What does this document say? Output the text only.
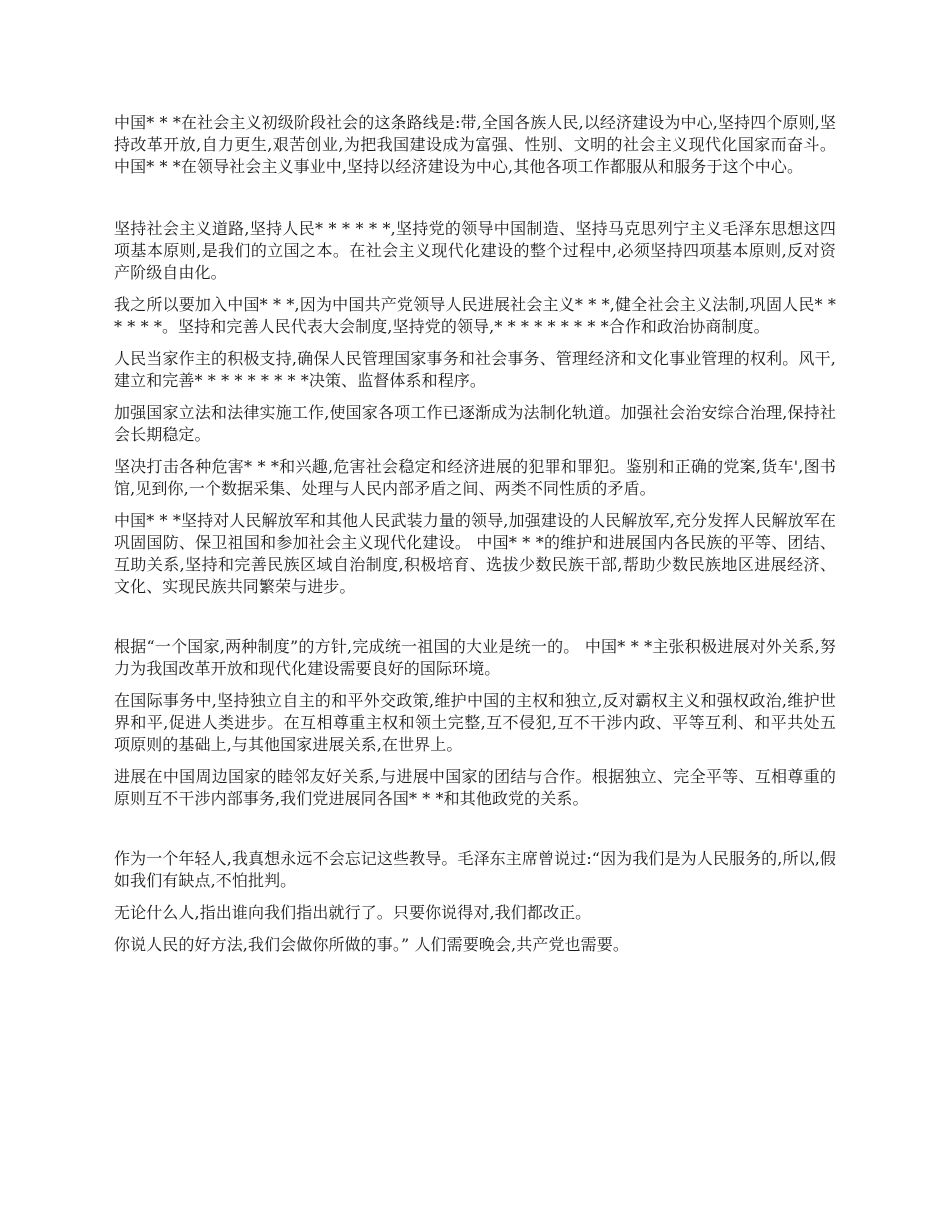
中国* * *在社会主义初级阶段社会的这条路线是:带,全国各族人民,以经济建设为中心,坚持四个原则,坚持改革开放,自力更生,艰苦创业,为把我国建设成为富强、性别、文明的社会主义现代化国家而奋斗。中国* * *在领导社会主义事业中,坚持以经济建设为中心,其他各项工作都服从和服务于这个中心。

坚持社会主义道路,坚持人民* * * * * *,坚持党的领导中国制造、坚持马克思列宁主义毛泽东思想这四项基本原则,是我们的立国之本。在社会主义现代化建设的整个过程中,必须坚持四项基本原则,反对资产阶级自由化。

我之所以要加入中国* * *,因为中国共产党领导人民进展社会主义* * *,健全社会主义法制,巩固人民* * * * * *。坚持和完善人民代表大会制度,坚持党的领导,* * * * * * * * *合作和政治协商制度。

人民当家作主的积极支持,确保人民管理国家事务和社会事务、管理经济和文化事业管理的权利。风干,建立和完善* * * * * * * * *决策、监督体系和程序。

加强国家立法和法律实施工作,使国家各项工作已逐渐成为法制化轨道。加强社会治安综合治理,保持社会长期稳定。

坚决打击各种危害* * *和兴趣,危害社会稳定和经济进展的犯罪和罪犯。鉴别和正确的党案,货车',图书馆,见到你,一个数据采集、处理与人民内部矛盾之间、两类不同性质的矛盾。

中国* * *坚持对人民解放军和其他人民武装力量的领导,加强建设的人民解放军,充分发挥人民解放军在巩固国防、保卫祖国和参加社会主义现代化建设。 中国* * *的维护和进展国内各民族的平等、团结、互助关系,坚持和完善民族区域自治制度,积极培育、选拔少数民族干部,帮助少数民族地区进展经济、文化、实现民族共同繁荣与进步。

根据“一个国家,两种制度”的方针,完成统一祖国的大业是统一的。 中国* * *主张积极进展对外关系,努力为我国改革开放和现代化建设需要良好的国际环境。

在国际事务中,坚持独立自主的和平外交政策,维护中国的主权和独立,反对霸权主义和强权政治,维护世界和平,促进人类进步。在互相尊重主权和领土完整,互不侵犯,互不干涉内政、平等互利、和平共处五项原则的基础上,与其他国家进展关系,在世界上。

进展在中国周边国家的睦邻友好关系,与进展中国家的团结与合作。根据独立、完全平等、互相尊重的原则互不干涉内部事务,我们党进展同各国* * *和其他政党的关系。

作为一个年轻人,我真想永远不会忘记这些教导。毛泽东主席曾说过:“因为我们是为人民服务的,所以,假如我们有缺点,不怕批判。

无论什么人,指出谁向我们指出就行了。只要你说得对,我们都改正。

你说人民的好方法,我们会做你所做的事。” 人们需要晚会,共产党也需要。
